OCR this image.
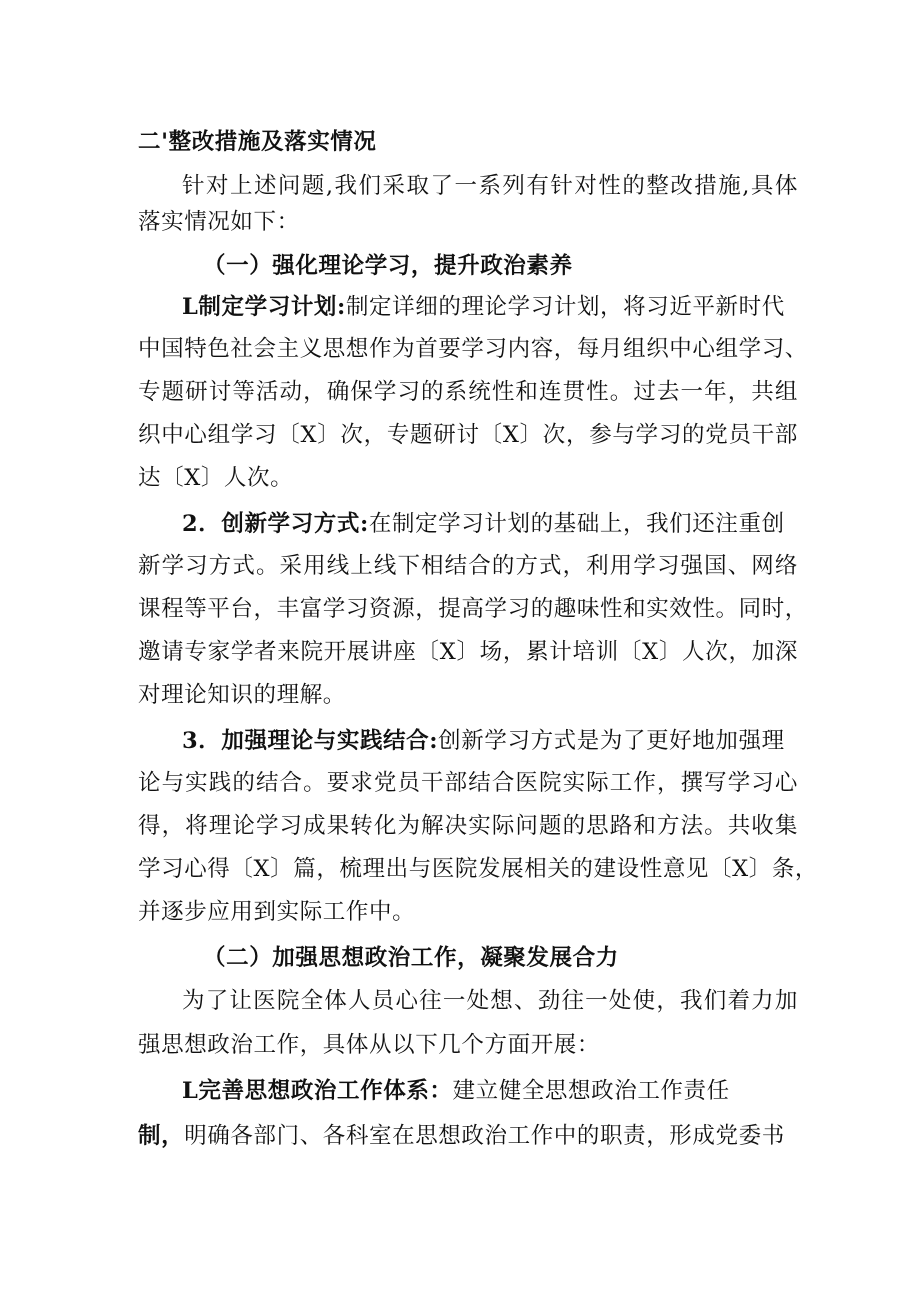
二'整改措施及落实情况
针对上述问题,我们采取了一系列有针对性的整改措施,具体
落实情况如下：
（一）强化理论学习，提升政治素养
L制定学习计划:制定详细的理论学习计划，将习近平新时代
中国特色社会主义思想作为首要学习内容，每月组织中心组学习、
专题研讨等活动，确保学习的系统性和连贯性。过去一年，共组
织中心组学习〔X〕次，专题研讨〔X〕次，参与学习的党员干部
达〔X〕人次。
2．创新学习方式:在制定学习计划的基础上，我们还注重创
新学习方式。采用线上线下相结合的方式，利用学习强国、网络
课程等平台，丰富学习资源，提高学习的趣味性和实效性。同时，
邀请专家学者来院开展讲座〔X〕场，累计培训〔X〕人次，加深
对理论知识的理解。
3．加强理论与实践结合:创新学习方式是为了更好地加强理
论与实践的结合。要求党员干部结合医院实际工作，撰写学习心
得，将理论学习成果转化为解决实际问题的思路和方法。共收集
学习心得〔X〕篇，梳理出与医院发展相关的建设性意见〔X〕条，
并逐步应用到实际工作中。
（二）加强思想政治工作，凝聚发展合力
为了让医院全体人员心往一处想、劲往一处使，我们着力加
强思想政治工作，具体从以下几个方面开展：
L完善思想政治工作体系：建立健全思想政治工作责任
制，明确各部门、各科室在思想政治工作中的职责，形成党委书
